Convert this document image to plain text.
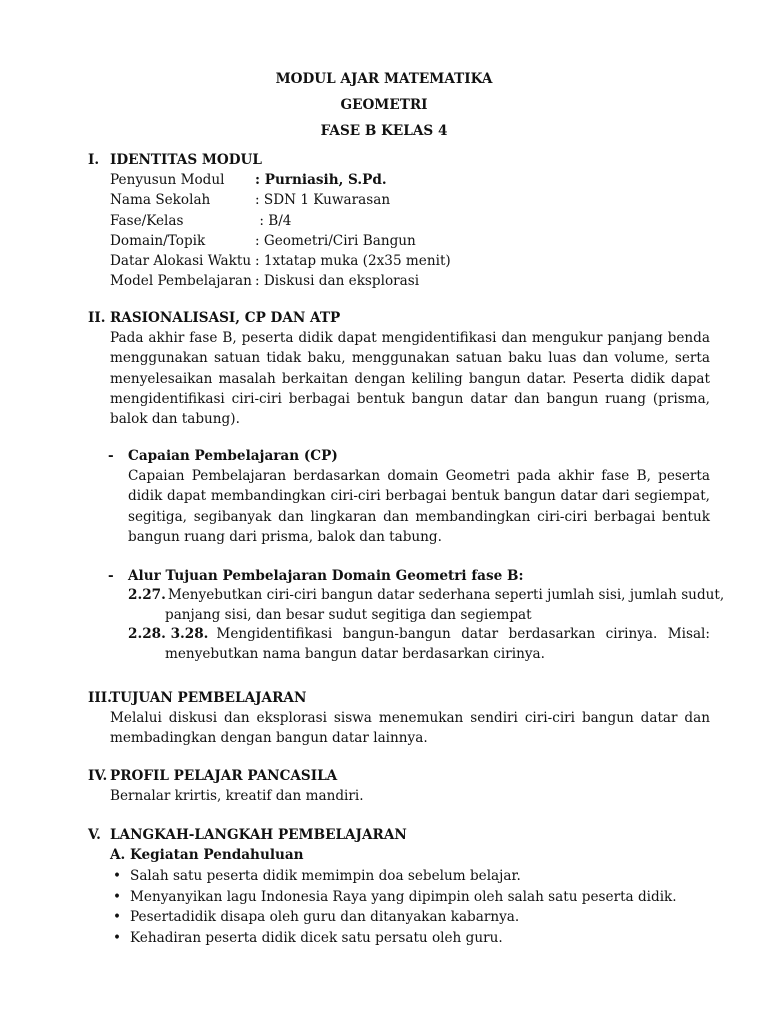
MODUL AJAR MATEMATIKA
GEOMETRI
FASE B KELAS 4
I. IDENTITAS MODUL
Penyusun Modul : Purniasih, S.Pd.
Nama Sekolah	: SDN 1 Kuwarasan
Fase/Kelas	: B/4
Domain/Topik	: Geometri/Ciri Bangun
Datar Alokasi Waktu : 1xtatap muka (2x35 menit)
Model Pembelajaran : Diskusi dan eksplorasi
II. RASIONALISASI, CP DAN ATP
Pada akhir fase B, peserta didik dapat mengidentifikasi dan mengukur panjang benda menggunakan satuan tidak baku, menggunakan satuan baku luas dan volume, serta menyelesaikan masalah berkaitan dengan keliling bangun datar. Peserta didik dapat mengidentifikasi ciri-ciri berbagai bentuk bangun datar dan bangun ruang (prisma, balok dan tabung).
- Capaian Pembelajaran (CP)
Capaian Pembelajaran berdasarkan domain Geometri pada akhir fase B, peserta didik dapat membandingkan ciri-ciri berbagai bentuk bangun datar dari segiempat, segitiga, segibanyak dan lingkaran dan membandingkan ciri-ciri berbagai bentuk bangun ruang dari prisma, balok dan tabung.
- Alur Tujuan Pembelajaran Domain Geometri fase B:
2.27. Menyebutkan ciri-ciri bangun datar sederhana seperti jumlah sisi, jumlah sudut,
panjang sisi, dan besar sudut segitiga dan segiempat
2.28. 3.28. Mengidentifikasi bangun-bangun datar berdasarkan cirinya. Misal:
menyebutkan nama bangun datar berdasarkan cirinya.
III.TUJUAN PEMBELAJARAN
Melalui diskusi dan eksplorasi siswa menemukan sendiri ciri-ciri bangun datar dan membadingkan dengan bangun datar lainnya.
IV. PROFIL PELAJAR PANCASILA
Bernalar krirtis, kreatif dan mandiri.
V. LANGKAH-LANGKAH PEMBELAJARAN
A. Kegiatan Pendahuluan
• Salah satu peserta didik memimpin doa sebelum belajar.
• Menyanyikan lagu Indonesia Raya yang dipimpin oleh salah satu peserta didik.
• Pesertadidik disapa oleh guru dan ditanyakan kabarnya.
• Kehadiran peserta didik dicek satu persatu oleh guru.
